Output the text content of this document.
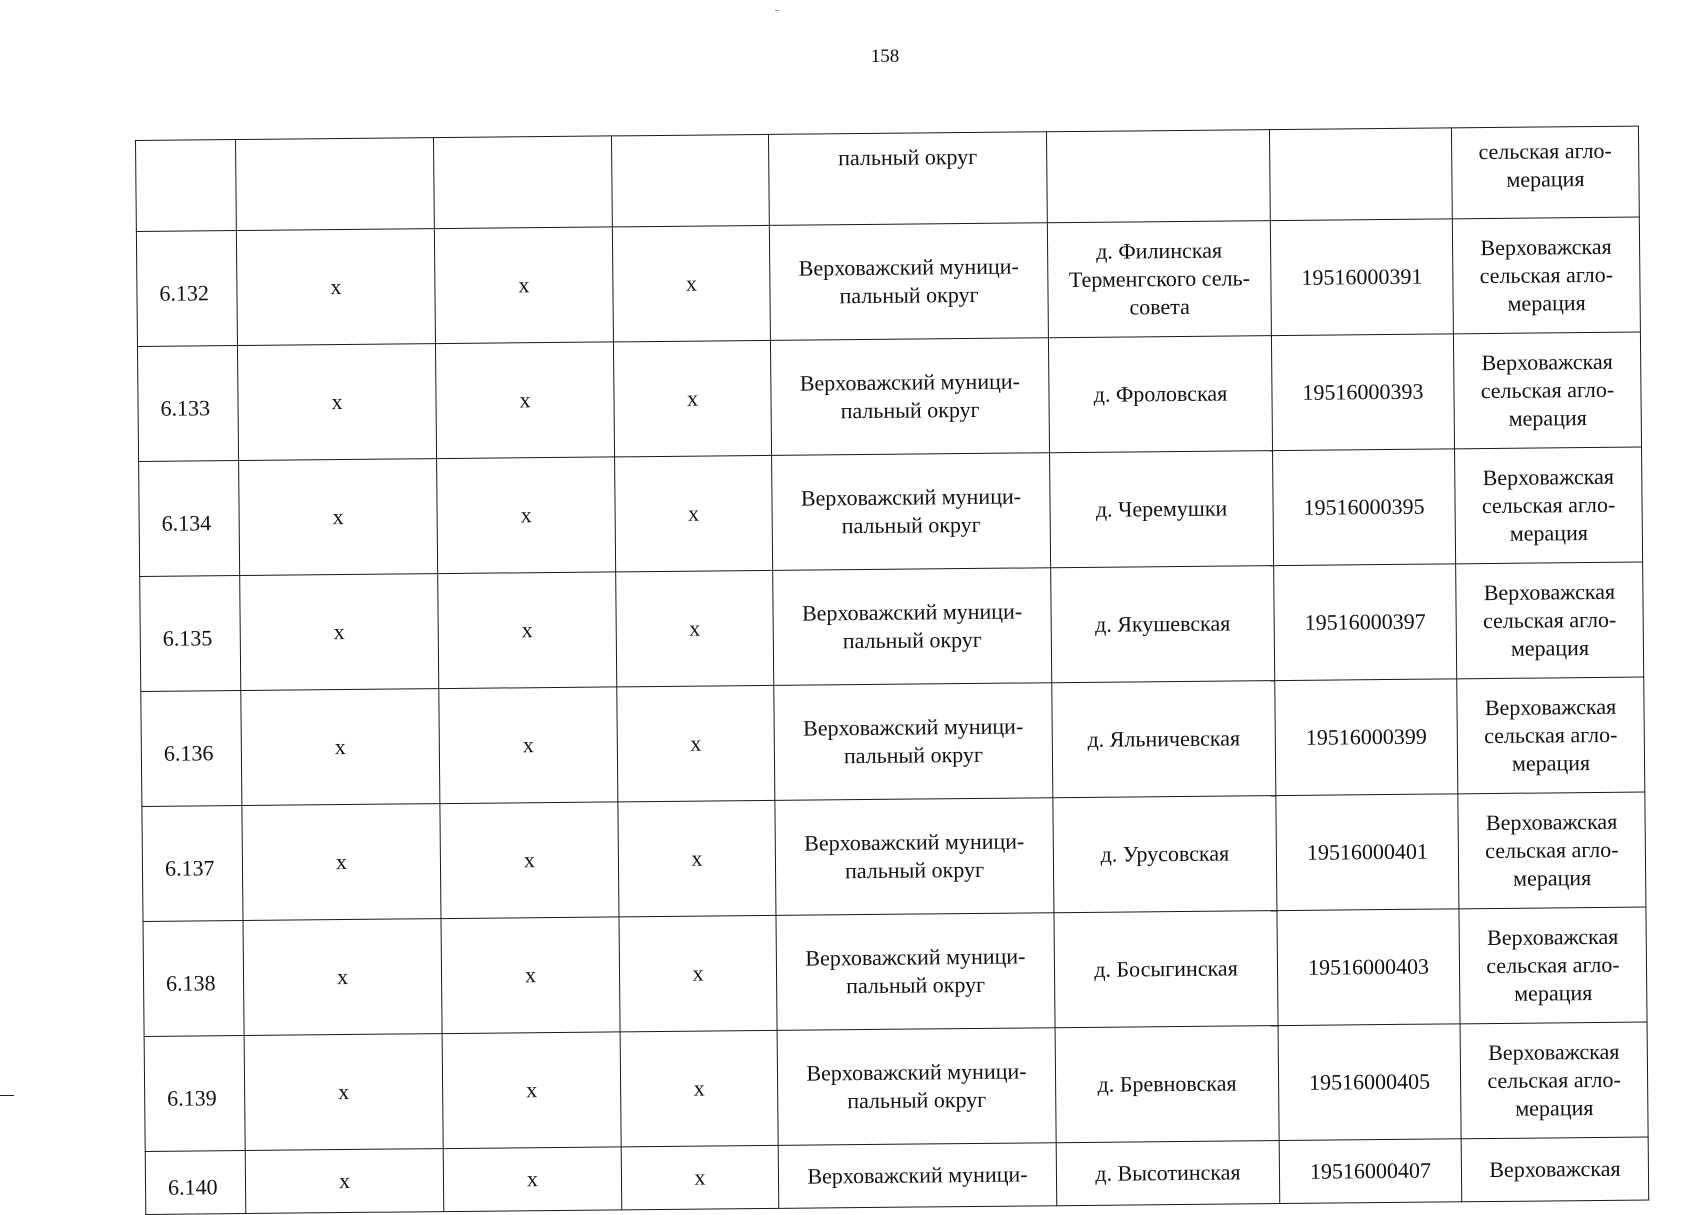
158
				пальный округ			сельская агло-
мерация
6.132	x	x	x	Верховажский муници-
пальный округ	д. Филинская
Терменгского сель-
совета	19516000391	Верховажская
сельская агло-
мерация
6.133	x	x	x	Верховажский муници-
пальный округ	д. Фроловская	19516000393	Верховажская
сельская агло-
мерация
6.134	x	x	x	Верховажский муници-
пальный округ	д. Черемушки	19516000395	Верховажская
сельская агло-
мерация
6.135	x	x	x	Верховажский муници-
пальный округ	д. Якушевская	19516000397	Верховажская
сельская агло-
мерация
6.136	x	x	x	Верховажский муници-
пальный округ	д. Яльничевская	19516000399	Верховажская
сельская агло-
мерация
6.137	x	x	x	Верховажский муници-
пальный округ	д. Урусовская	19516000401	Верховажская
сельская агло-
мерация
6.138	x	x	x	Верховажский муници-
пальный округ	д. Босыгинская	19516000403	Верховажская
сельская агло-
мерация
6.139	x	x	x	Верховажский муници-
пальный округ	д. Бревновская	19516000405	Верховажская
сельская агло-
мерация
6.140	x	x	x	Верховажский муници-	д. Высотинская	19516000407	Верховажская
